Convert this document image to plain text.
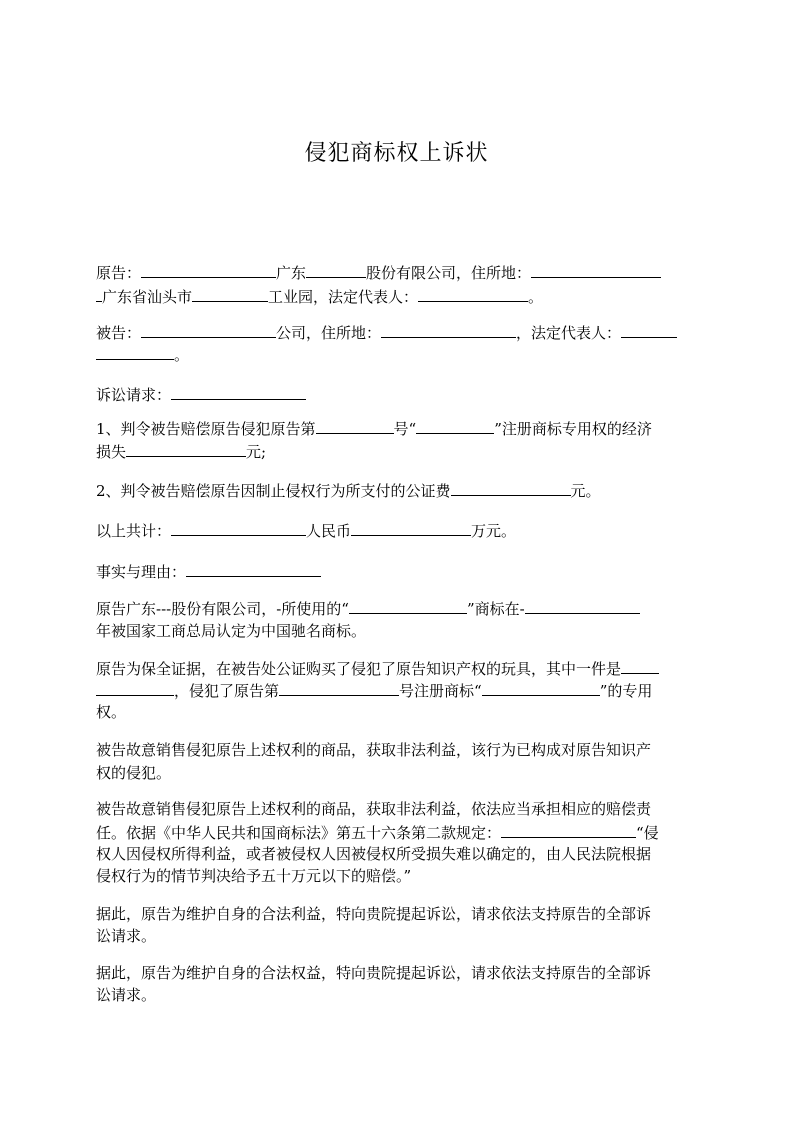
侵犯商标权上诉状
原告：	广东	股份有限公司，住所地：
广东省汕头市	工业园，法定代表人：	。
被告：	公司，住所地：	，法定代表人：
。
诉讼请求：
1、判令被告赔偿原告侵犯原告第	号“	”注册商标专用权的经济
损失	元;
2、判令被告赔偿原告因制止侵权行为所支付的公证费	元。
以上共计：	人民币	万元。
事实与理由：
原告广东---股份有限公司，-所使用的“	”商标在-
年被国家工商总局认定为中国驰名商标。
原告为保全证据，在被告处公证购买了侵犯了原告知识产权的玩具，其中一件是
，侵犯了原告第	号注册商标“	”的专用
权。
被告故意销售侵犯原告上述权利的商品，获取非法利益，该行为已构成对原告知识产
权的侵犯。
被告故意销售侵犯原告上述权利的商品，获取非法利益，依法应当承担相应的赔偿责
任。依据《中华人民共和国商标法》第五十六条第二款规定：	“侵
权人因侵权所得利益，或者被侵权人因被侵权所受损失难以确定的，由人民法院根据
侵权行为的情节判决给予五十万元以下的赔偿。”
据此，原告为维护自身的合法利益，特向贵院提起诉讼，请求依法支持原告的全部诉
讼请求。
据此，原告为维护自身的合法权益，特向贵院提起诉讼，请求依法支持原告的全部诉
讼请求。
